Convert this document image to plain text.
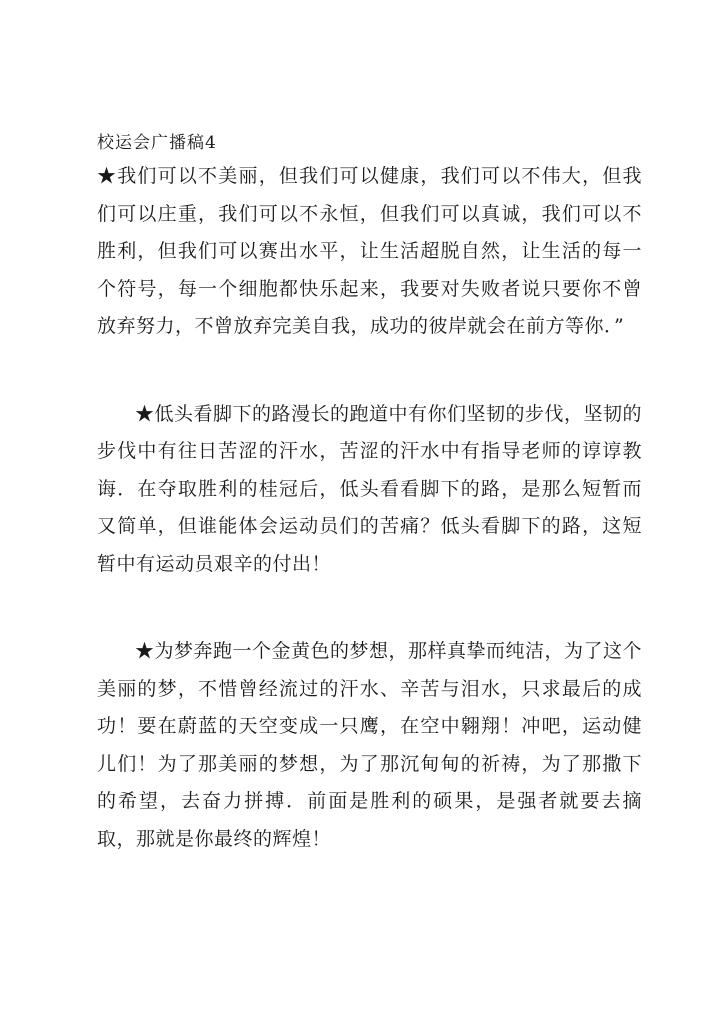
校运会广播稿4

★我们可以不美丽，但我们可以健康，我们可以不伟大，但我们可以庄重，我们可以不永恒，但我们可以真诚，我们可以不胜利，但我们可以赛出水平，让生活超脱自然，让生活的每一个符号，每一个细胞都快乐起来，我要对失败者说只要你不曾放弃努力，不曾放弃完美自我，成功的彼岸就会在前方等你．”

★低头看脚下的路漫长的跑道中有你们坚韧的步伐，坚韧的步伐中有往日苦涩的汗水，苦涩的汗水中有指导老师的谆谆教诲．在夺取胜利的桂冠后，低头看看脚下的路，是那么短暂而又简单，但谁能体会运动员们的苦痛？低头看脚下的路，这短暂中有运动员艰辛的付出！

★为梦奔跑一个金黄色的梦想，那样真挚而纯洁，为了这个美丽的梦，不惜曾经流过的汗水、辛苦与泪水，只求最后的成功！要在蔚蓝的天空变成一只鹰，在空中翱翔！冲吧，运动健儿们！为了那美丽的梦想，为了那沉甸甸的祈祷，为了那撒下的希望，去奋力拼搏．前面是胜利的硕果，是强者就要去摘取，那就是你最终的辉煌！
